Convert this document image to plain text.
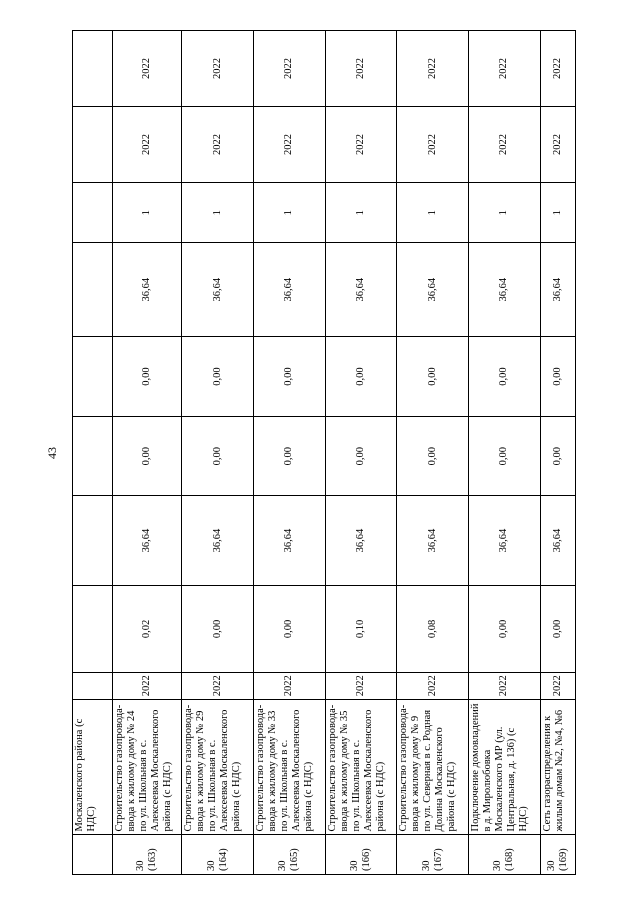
43
	Москаленского района (с НДС)									

30 (163)	Строительство газопровода-ввода к жилому дому № 24 по ул. Школьная в с. Алексеевка Москаленского района (с НДС)	2022	0,02	36,64	0,00	0,00	36,64	1	2022	2022

30 (164)	Строительство газопровода-ввода к жилому дому № 29 по ул. Школьная в с. Алексеевка Москаленского района (с НДС)	2022	0,00	36,64	0,00	0,00	36,64	1	2022	2022

30 (165)	Строительство газопровода-ввода к жилому дому № 33 по ул. Школьная в с. Алексеевка Москаленского района (с НДС)	2022	0,00	36,64	0,00	0,00	36,64	1	2022	2022

30 (166)	Строительство газопровода-ввода к жилому дому № 35 по ул. Школьная в с. Алексеевка Москаленского района (с НДС)	2022	0,10	36,64	0,00	0,00	36,64	1	2022	2022

30 (167)	Строительство газопровода-ввода к жилому дому № 9 по ул. Северная в с. Родная Долина Москаленского района (с НДС)	2022	0,08	36,64	0,00	0,00	36,64	1	2022	2022

30 (168)	Подключение домовладений в д. Миролюбовка Москаленского МР (ул. Центральная, д. 136) (с НДС)	2022	0,00	36,64	0,00	0,00	36,64	1	2022	2022

30 (169)	Сеть газораспределения к жилым домам №2, №4, №6	2022	0,00	36,64	0,00	0,00	36,64	1	2022	2022
